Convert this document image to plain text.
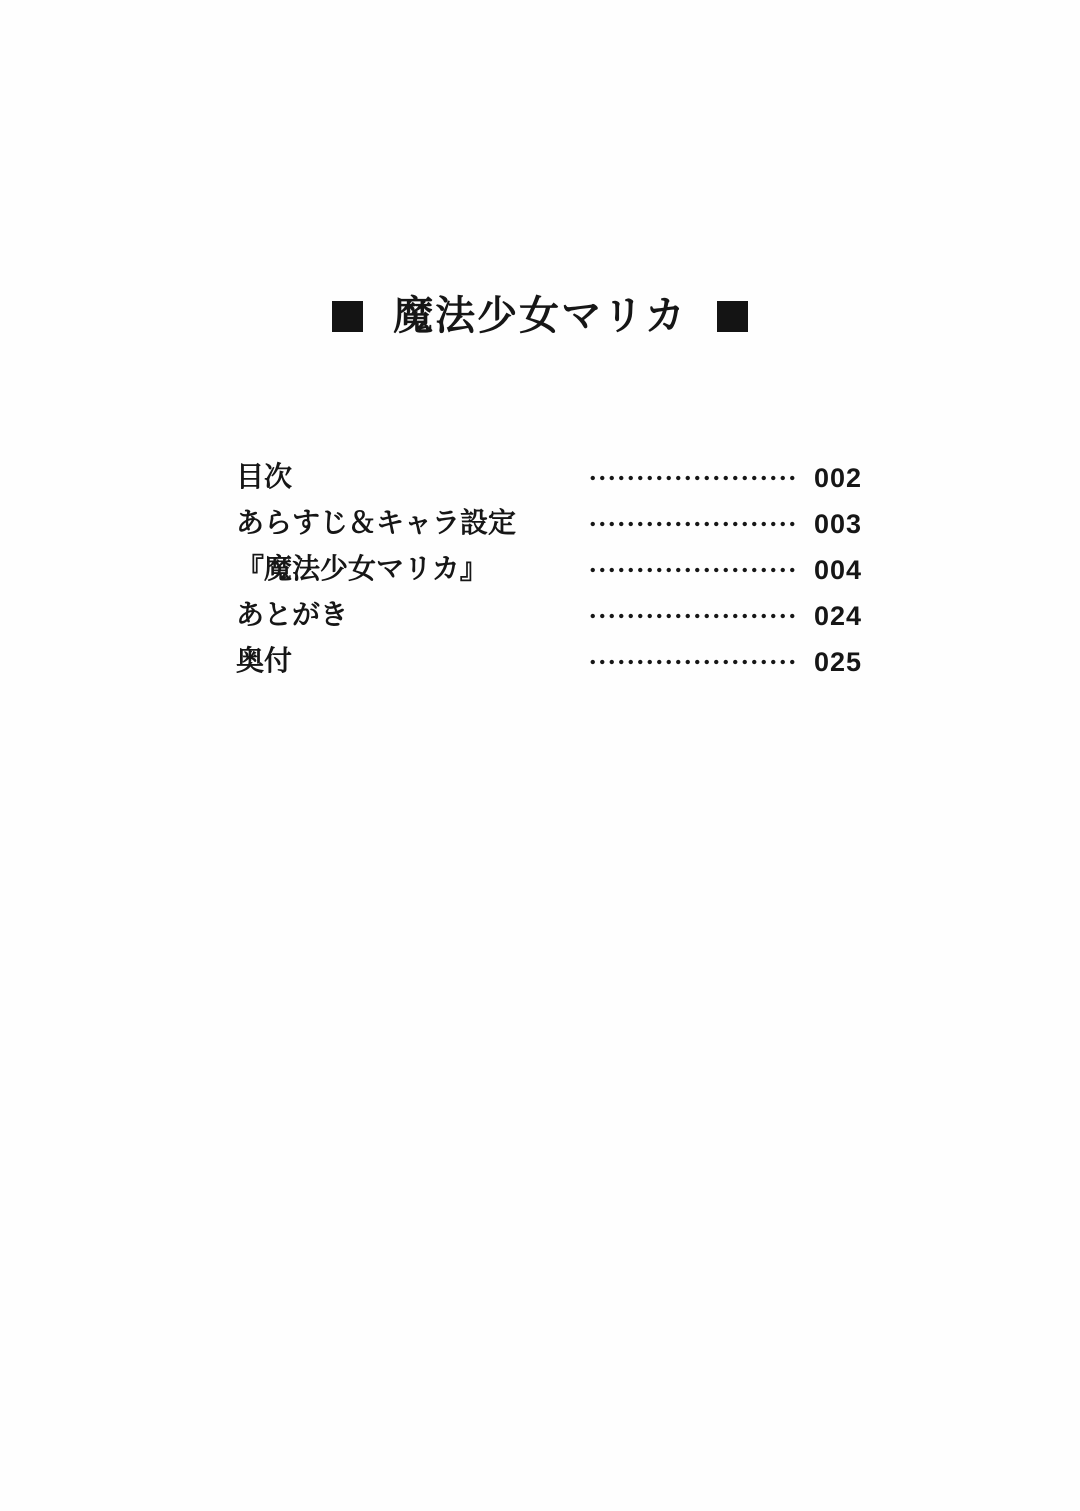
魔法少女マリカ
目次	002
あらすじ＆キャラ設定	003
『魔法少女マリカ』	004
あとがき	024
奥付	025
